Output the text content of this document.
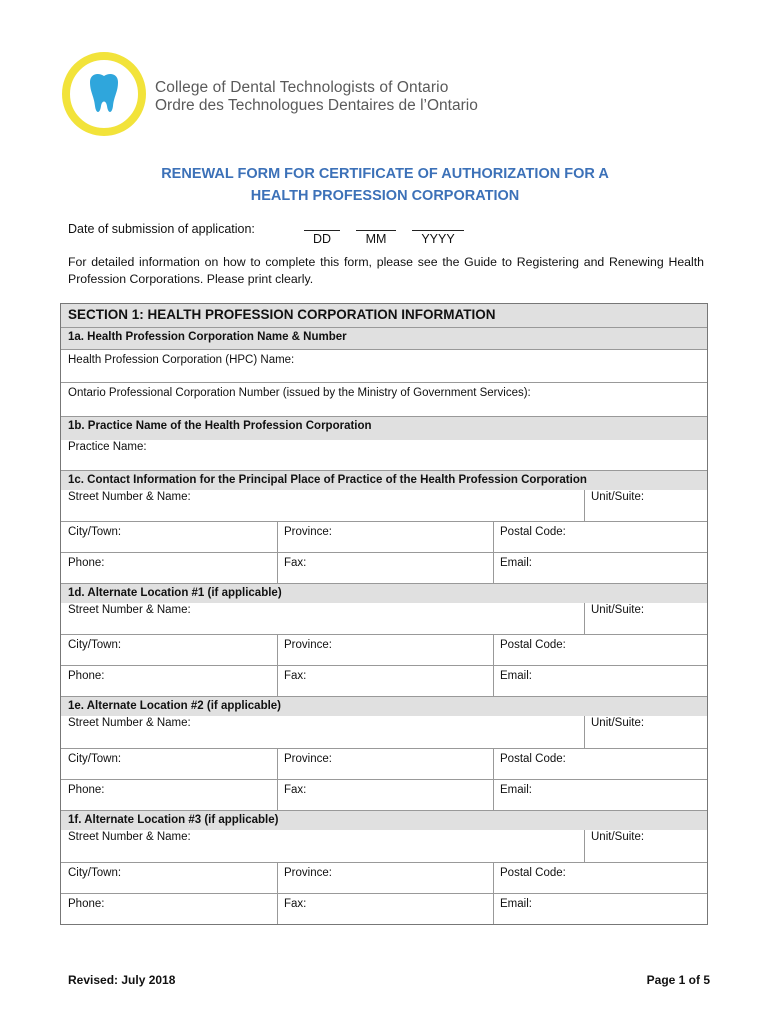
College of Dental Technologists of Ontario
Ordre des Technologues Dentaires de l’Ontario
RENEWAL FORM FOR CERTIFICATE OF AUTHORIZATION FOR A
HEALTH PROFESSION CORPORATION
Date of submission of application:
DD	MM	YYYY
For detailed information on how to complete this form, please see the Guide to Registering and Renewing Health Profession Corporations. Please print clearly.
SECTION 1: HEALTH PROFESSION CORPORATION INFORMATION
1a. Health Profession Corporation Name & Number
Health Profession Corporation (HPC) Name:
Ontario Professional Corporation Number (issued by the Ministry of Government Services):
1b. Practice Name of the Health Profession Corporation
Practice Name:
1c. Contact Information for the Principal Place of Practice of the Health Profession Corporation
Street Number & Name:	Unit/Suite:
City/Town:	Province:	Postal Code:
Phone:	Fax:	Email:
1d. Alternate Location #1 (if applicable)
Street Number & Name:	Unit/Suite:
City/Town:	Province:	Postal Code:
Phone:	Fax:	Email:
1e. Alternate Location #2 (if applicable)
Street Number & Name:	Unit/Suite:
City/Town:	Province:	Postal Code:
Phone:	Fax:	Email:
1f. Alternate Location #3 (if applicable)
Street Number & Name:	Unit/Suite:
City/Town:	Province:	Postal Code:
Phone:	Fax:	Email:
Revised: July 2018	Page 1 of 5
